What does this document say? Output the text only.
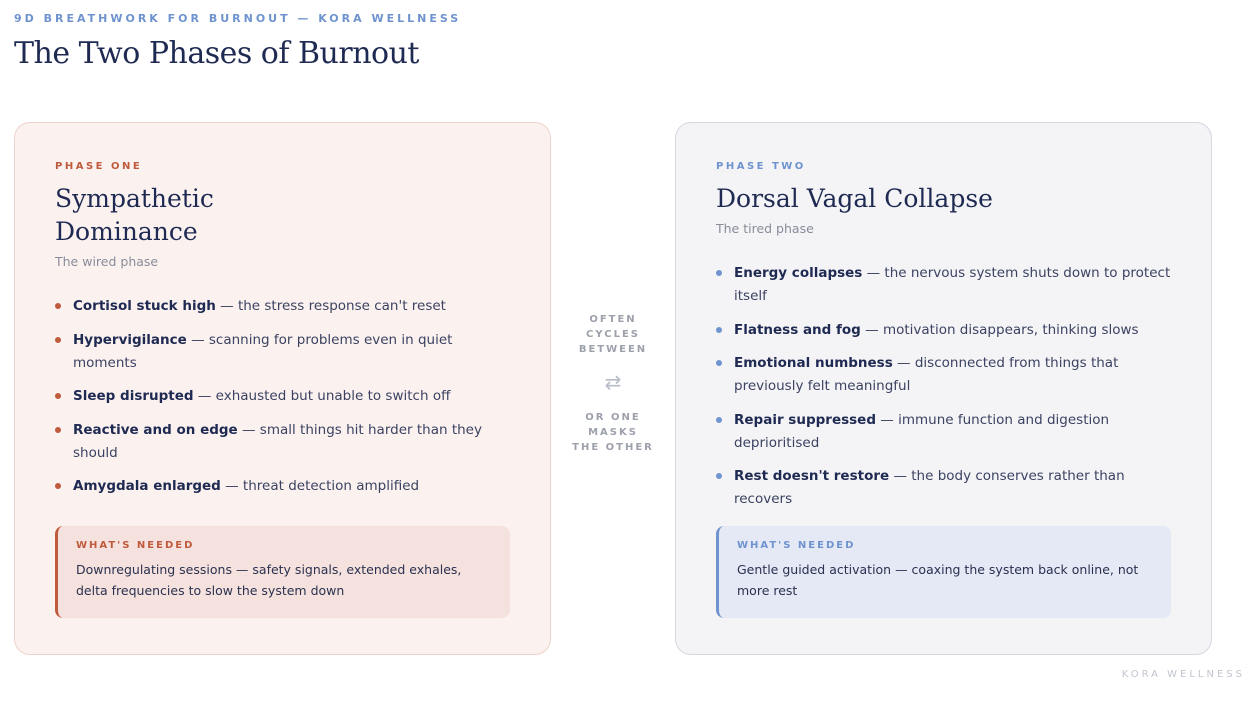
9D BREATHWORK FOR BURNOUT — KORA WELLNESS
The Two Phases of Burnout
PHASE ONE
Sympathetic Dominance
The wired phase
Cortisol stuck high — the stress response can't reset
Hypervigilance — scanning for problems even in quiet moments
Sleep disrupted — exhausted but unable to switch off
Reactive and on edge — small things hit harder than they should
Amygdala enlarged — threat detection amplified
WHAT'S NEEDED
Downregulating sessions — safety signals, extended exhales, delta frequencies to slow the system down
OFTEN CYCLES BETWEEN
⇄
OR ONE MASKS THE OTHER
PHASE TWO
Dorsal Vagal Collapse
The tired phase
Energy collapses — the nervous system shuts down to protect itself
Flatness and fog — motivation disappears, thinking slows
Emotional numbness — disconnected from things that previously felt meaningful
Repair suppressed — immune function and digestion deprioritised
Rest doesn't restore — the body conserves rather than recovers
WHAT'S NEEDED
Gentle guided activation — coaxing the system back online, not more rest
KORA WELLNESS
